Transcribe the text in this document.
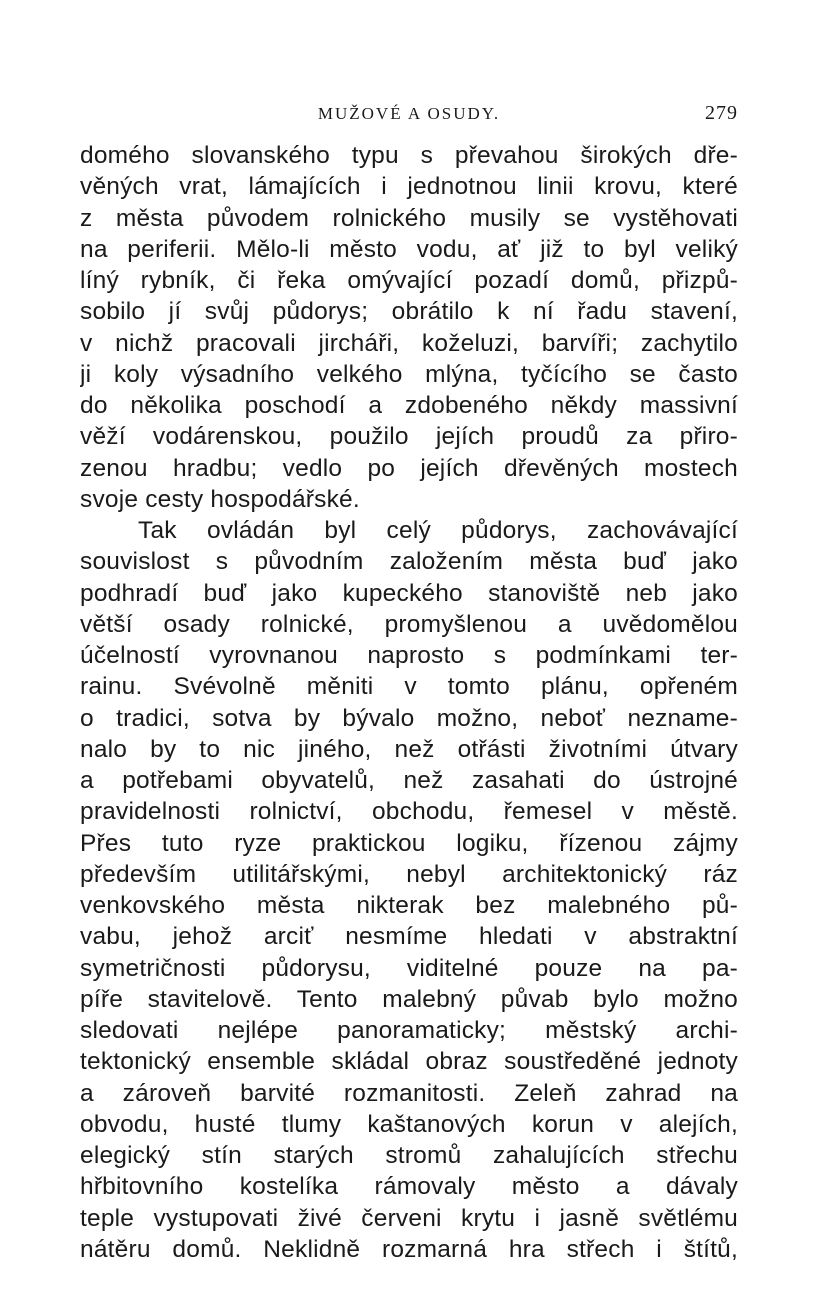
MUŽOVÉ A OSUDY.	279
domého slovanského typu s převahou širokých dře-
věných vrat, lámajících i jednotnou linii krovu, které
z města původem rolnického musily se vystěhovati
na periferii. Mělo-li město vodu, ať již to byl veliký
líný rybník, či řeka omývající pozadí domů, přizpů-
sobilo jí svůj půdorys; obrátilo k ní řadu stavení,
v nichž pracovali jircháři, koželuzi, barvíři; zachytilo
ji koly výsadního velkého mlýna, tyčícího se často
do několika poschodí a zdobeného někdy massivní
věží vodárenskou, použilo jejích proudů za přiro-
zenou hradbu; vedlo po jejích dřevěných mostech
svoje cesty hospodářské.
Tak ovládán byl celý půdorys, zachovávající
souvislost s původním založením města buď jako
podhradí buď jako kupeckého stanoviště neb jako
větší osady rolnické, promyšlenou a uvědomělou
účelností vyrovnanou naprosto s podmínkami ter-
rainu. Svévolně měniti v tomto plánu, opřeném
o tradici, sotva by bývalo možno, neboť nezname-
nalo by to nic jiného, než otřásti životními útvary
a potřebami obyvatelů, než zasahati do ústrojné
pravidelnosti rolnictví, obchodu, řemesel v městě.
Přes tuto ryze praktickou logiku, řízenou zájmy
především utilitářskými, nebyl architektonický ráz
venkovského města nikterak bez malebného pů-
vabu, jehož arciť nesmíme hledati v abstraktní
symetričnosti půdorysu, viditelné pouze na pa-
píře stavitelově. Tento malebný půvab bylo možno
sledovati nejlépe panoramaticky; městský archi-
tektonický ensemble skládal obraz soustředěné jednoty
a zároveň barvité rozmanitosti. Zeleň zahrad na
obvodu, husté tlumy kaštanových korun v alejích,
elegický stín starých stromů zahalujících střechu
hřbitovního kostelíka rámovaly město a dávaly
teple vystupovati živé červeni krytu i jasně světlému
nátěru domů. Neklidně rozmarná hra střech i štítů,
